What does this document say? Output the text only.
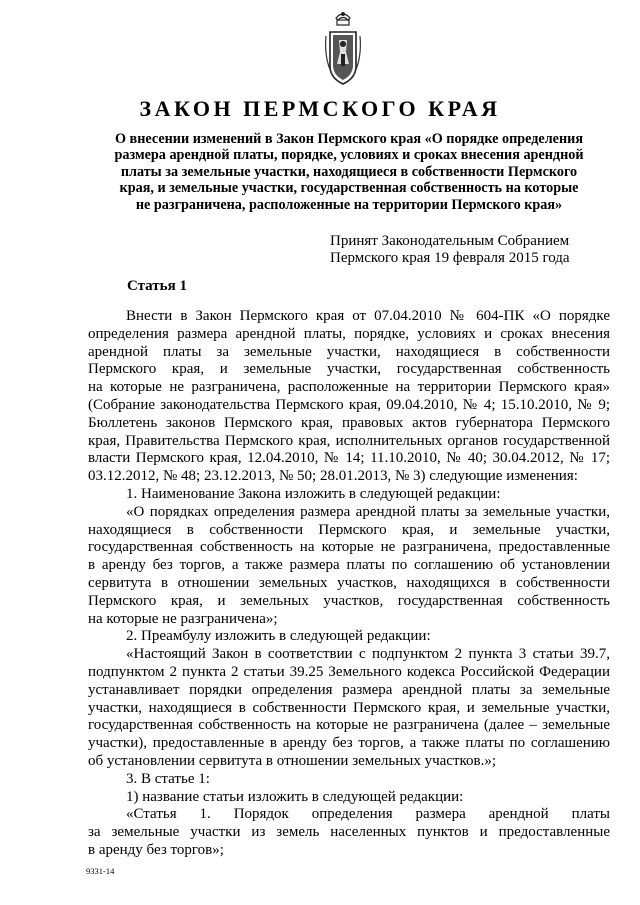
ЗАКОН ПЕРМСКОГО КРАЯ
О внесении изменений в Закон Пермского края «О порядке определения
размера арендной платы, порядке, условиях и сроках внесения арендной
платы за земельные участки, находящиеся в собственности Пермского
края, и земельные участки, государственная собственность на которые
не разграничена, расположенные на территории Пермского края»
Принят Законодательным Собранием
Пермского края 19 февраля 2015 года
Статья 1
Внести в Закон Пермского края от 07.04.2010 № 604-ПК «О порядке
определения размера арендной платы, порядке, условиях и сроках внесения
арендной платы за земельные участки, находящиеся в собственности
Пермского края, и земельные участки, государственная собственность
на которые не разграничена, расположенные на территории Пермского края»
(Собрание законодательства Пермского края, 09.04.2010, № 4; 15.10.2010, № 9;
Бюллетень законов Пермского края, правовых актов губернатора Пермского
края, Правительства Пермского края, исполнительных органов государственной
власти Пермского края, 12.04.2010, № 14; 11.10.2010, № 40; 30.04.2012, № 17;
03.12.2012, № 48; 23.12.2013, № 50; 28.01.2013, № 3) следующие изменения:
1. Наименование Закона изложить в следующей редакции:
«О порядках определения размера арендной платы за земельные участки,
находящиеся в собственности Пермского края, и земельные участки,
государственная собственность на которые не разграничена, предоставленные
в аренду без торгов, а также размера платы по соглашению об установлении
сервитута в отношении земельных участков, находящихся в собственности
Пермского края, и земельных участков, государственная собственность
на которые не разграничена»;
2. Преамбулу изложить в следующей редакции:
«Настоящий Закон в соответствии с подпунктом 2 пункта 3 статьи 39.7,
подпунктом 2 пункта 2 статьи 39.25 Земельного кодекса Российской Федерации
устанавливает порядки определения размера арендной платы за земельные
участки, находящиеся в собственности Пермского края, и земельные участки,
государственная собственность на которые не разграничена (далее – земельные
участки), предоставленные в аренду без торгов, а также платы по соглашению
об установлении сервитута в отношении земельных участков.»;
3. В статье 1:
1) название статьи изложить в следующей редакции:
«Статья 1. Порядок определения размера арендной платы
за земельные участки из земель населенных пунктов и предоставленные
в аренду без торгов»;
9331-14
